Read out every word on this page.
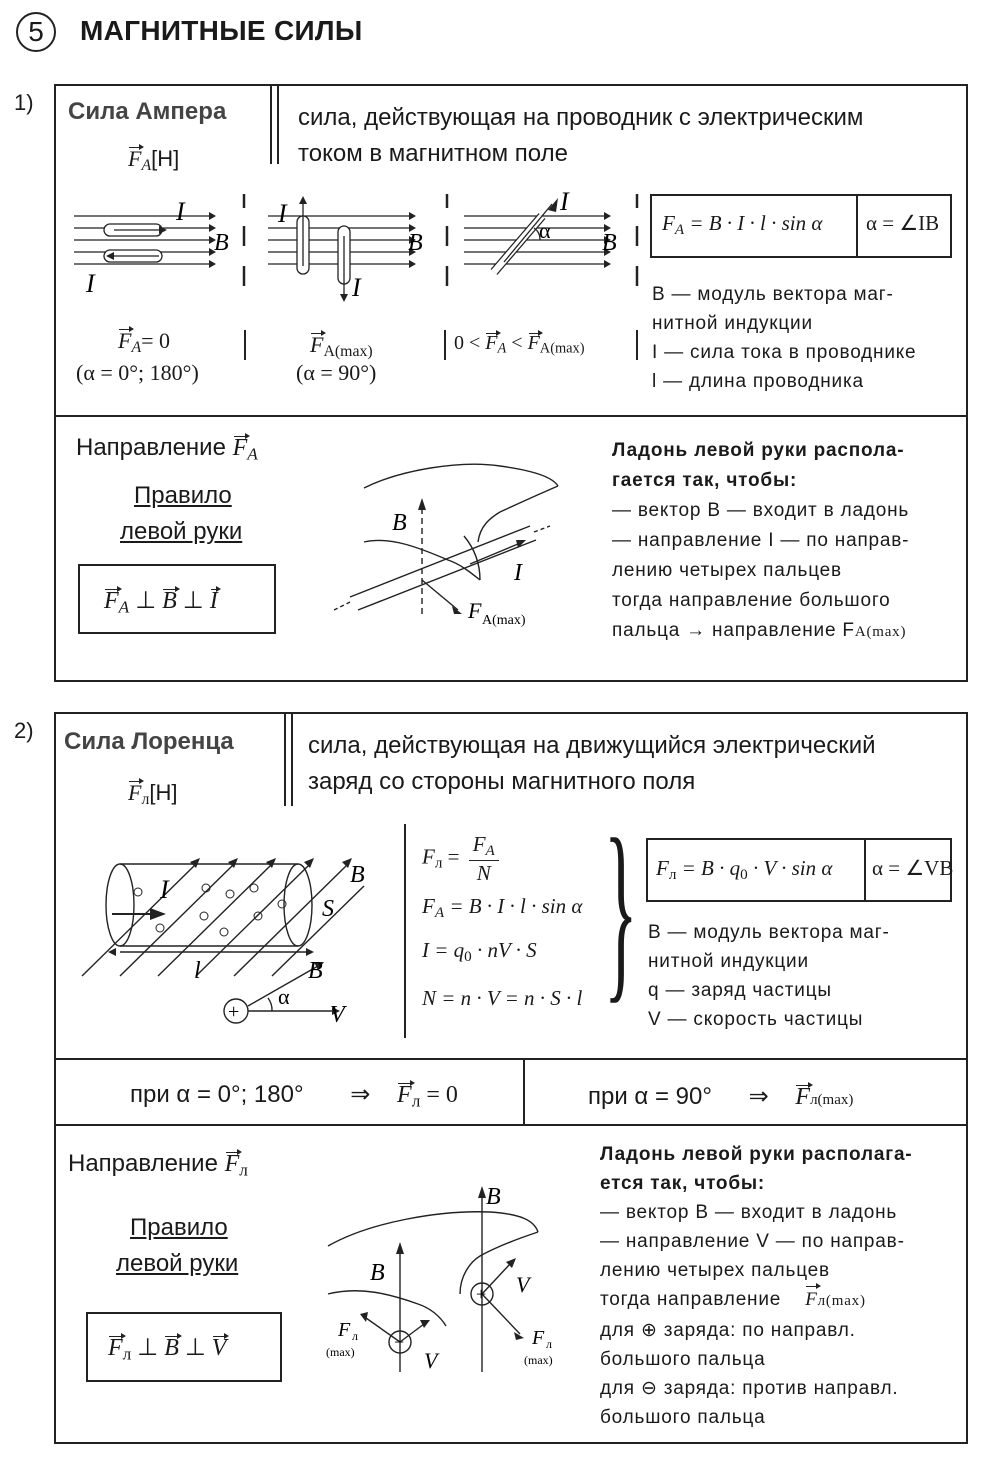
5	МАГНИТНЫЕ СИЛЫ
1) Сила Ампера
$F_A[Н]$
сила, действующая на проводник с электрическим
током в магнитном поле
I
I
B
I
I
B
I
α B
$F_A= 0$
(α = 0°; 180°)
$F_{A(max)}$
(α = 90°)
$0 < F_A < F_{A(max)}$
$F_A = B \cdot I \cdot l \cdot \sin \alpha$ α = ∠IB
B — модуль вектора маг-
нитной индукции
I — сила тока в проводнике
l — длина проводника
Направление $F_A$
Правило
левой руки
$F_A$ ⊥ B ⊥ I
B
I
F A(max)
Ладонь левой руки распола-
гается так, чтобы:
— вектор B — входит в ладонь
— направление I — по направ-
лению четырех пальцев
тогда направление большого
пальца → направление FA(max)
2) Сила Лоренца
Fл[Н]
сила, действующая на движущийся электрический
заряд со стороны магнитного поля
I	B
S
l	B
α
V
+
Fл = $\frac{F_A}{N}$
$F_A = B \cdot I \cdot l \cdot \sin \alpha$
I = q0 · nV · S
N = n · V = n · S · l } Fл = B · q0 · V · sin α α = ∠VB
B — модуль вектора маг-
нитной индукции
q — заряд частицы
V — скорость частицы
при α = 0°; 180° ⇒ Fл = 0	при α = 90° ⇒ Fл(max)
Направление Fл
Правило
левой руки
Fл ⊥ B ⊥ V
B
B
V
V
F л
(max)
F л
(max)
−
+
Ладонь левой руки располага-
ется так, чтобы:
— вектор B — входит в ладонь
— направление V — по направ-
лению четырех пальцев
тогда направление Fл(max)
для ⊕ заряда: по направл.
большого пальца
для ⊖ заряда: против направл.
большого пальца
